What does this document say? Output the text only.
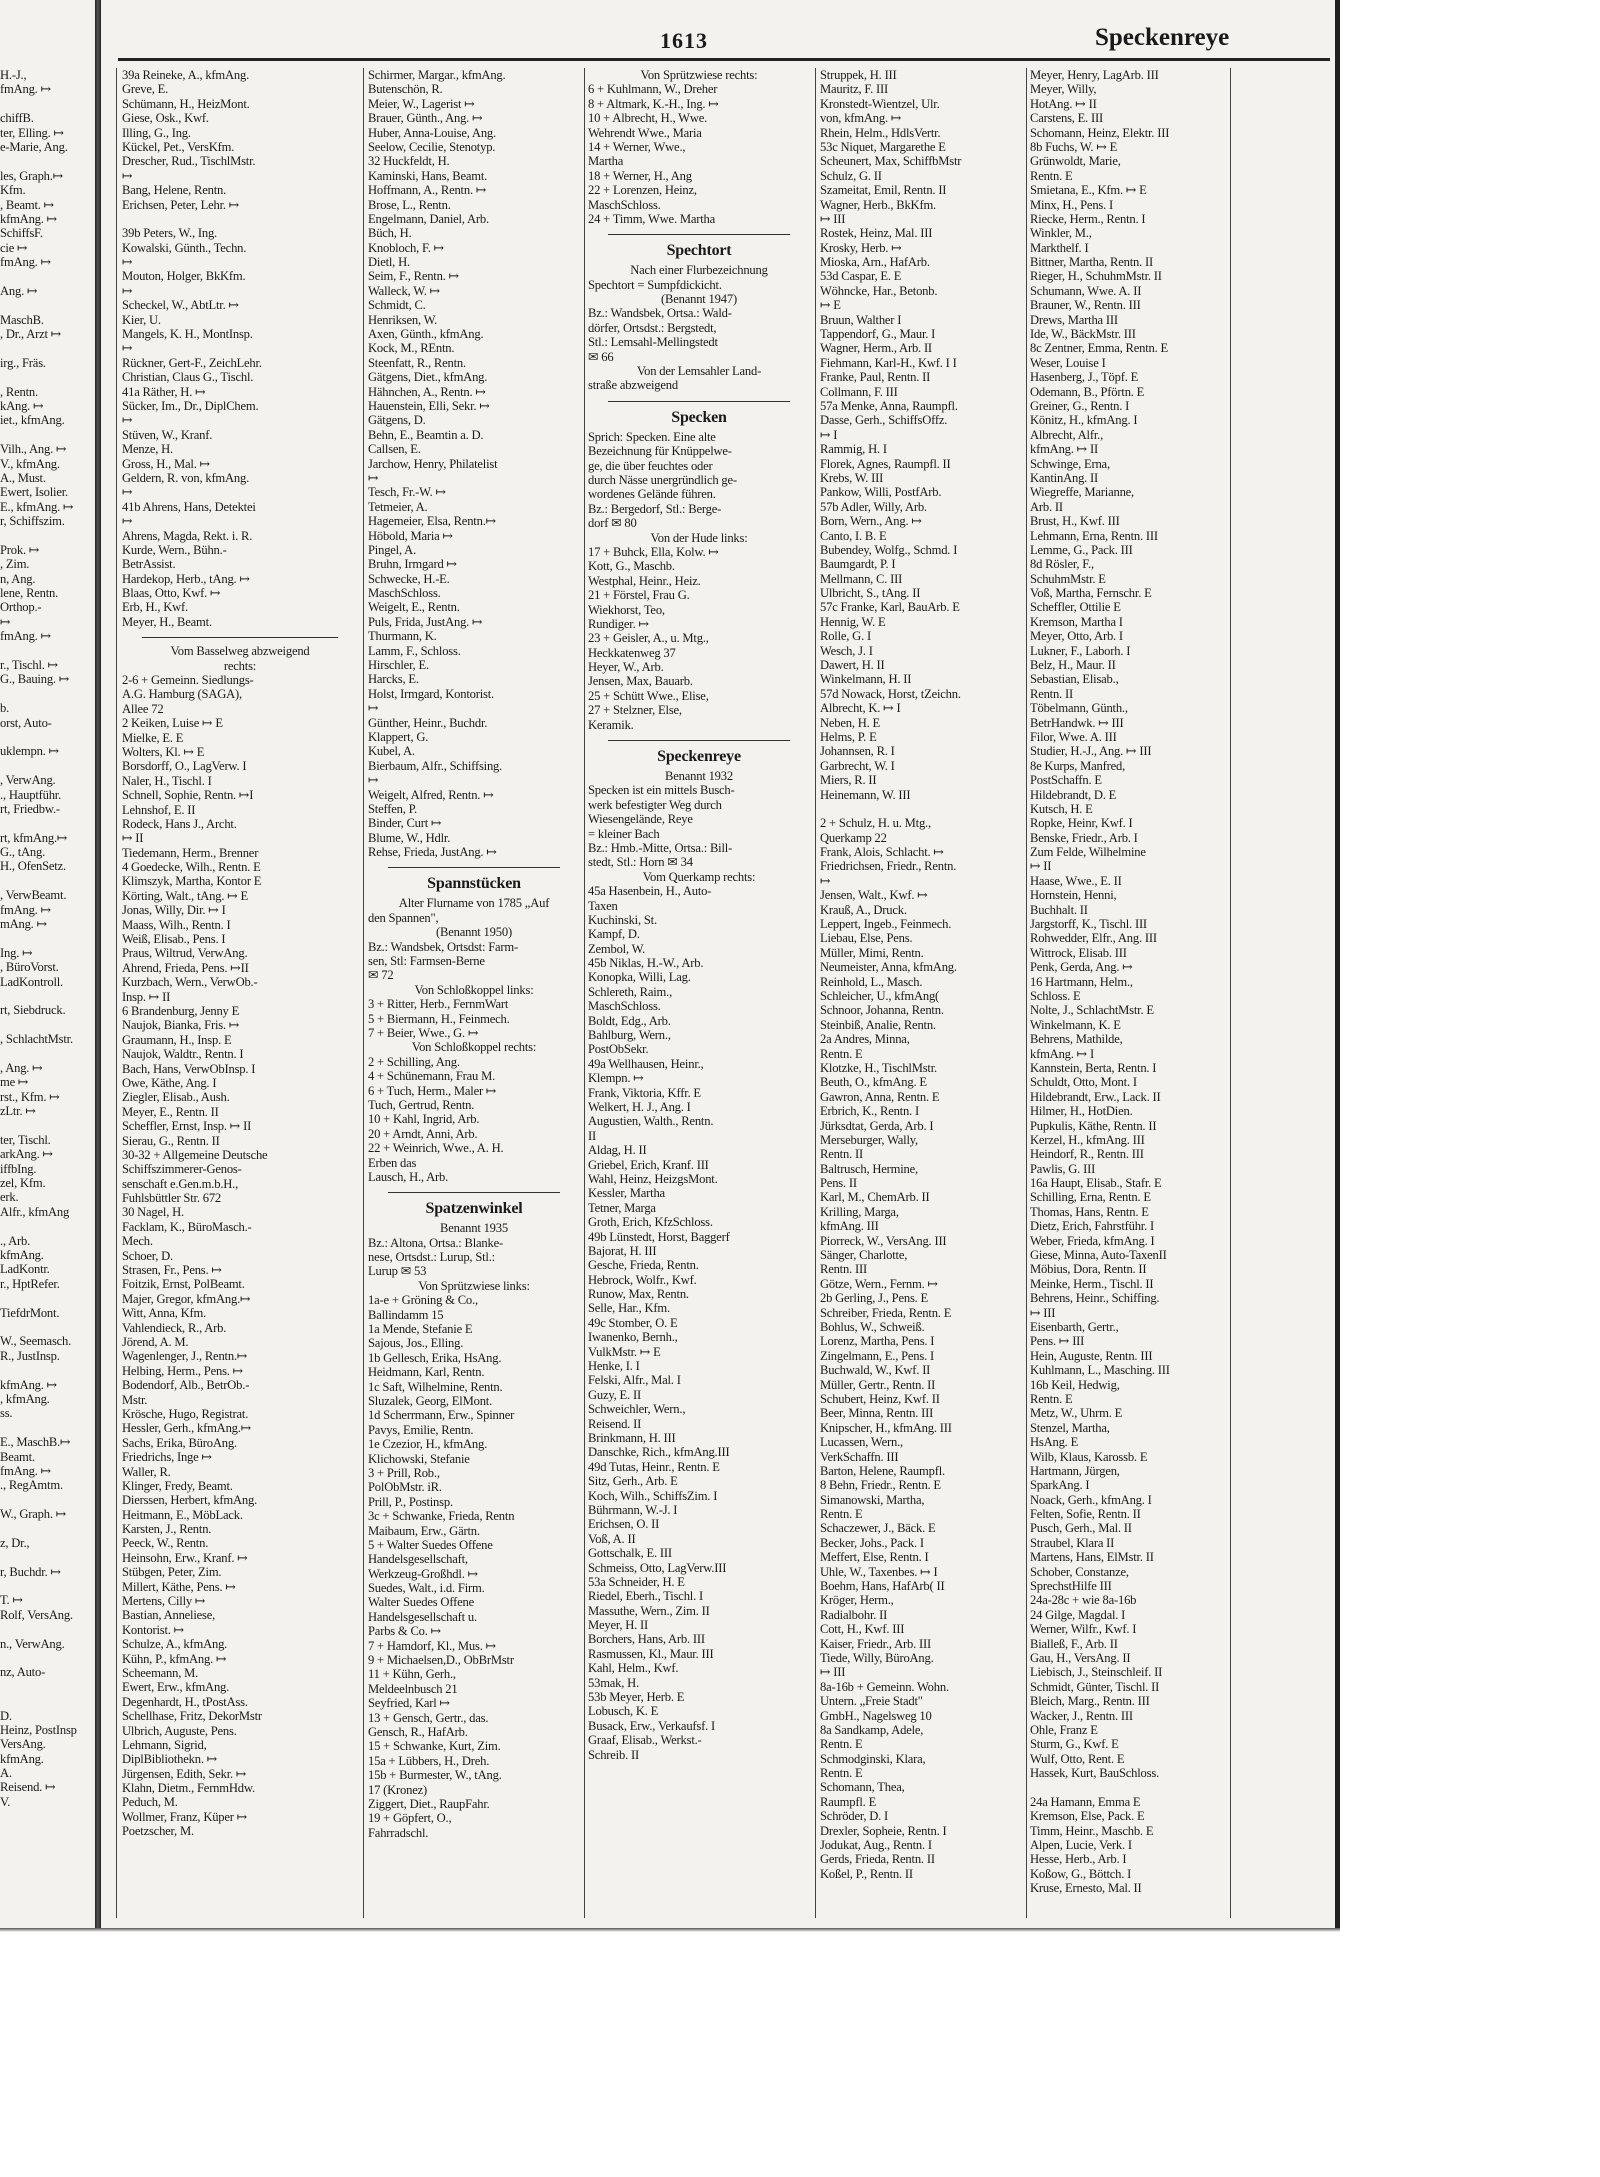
1613	Speckenreye
H.-J.,
fmAng. ↦
chiffB.
ter, Elling. ↦
e-Marie, Ang.
les, Graph.↦
Kfm.
, Beamt. ↦
kfmAng. ↦
SchiffsF.
cie ↦
fmAng. ↦
Ang. ↦
MaschB.
, Dr., Arzt ↦
irg., Fräs.
, Rentn.
kAng. ↦
iet., kfmAng.
Vilh., Ang. ↦
V., kfmAng.
A., Must.
Ewert, Isolier.
E., kfmAng. ↦
r, Schiffszim.
Prok. ↦
, Zim.
n, Ang.
lene, Rentn.
Orthop.-
↦
fmAng. ↦
r., Tischl. ↦
G., Bauing. ↦
b.
orst, Auto-
uklempn. ↦
, VerwAng.
., Hauptführ.
rt, Friedbw.-
rt, kfmAng.↦
G., tAng.
H., OfenSetz.
, VerwBeamt.
fmAng. ↦
mAng. ↦
Ing. ↦
, BüroVorst.
LadKontroll.
rt, Siebdruck.
, SchlachtMstr.
, Ang. ↦
me ↦
rst., Kfm. ↦
zLtr. ↦
ter, Tischl.
arkAng. ↦
iffbIng.
zel, Kfm.
erk.
Alfr., kfmAng
., Arb.
kfmAng.
LadKontr.
r., HptRefer.
TiefdrMont.
W., Seemasch.
R., JustInsp.
kfmAng. ↦
, kfmAng.
ss.
E., MaschB.↦
Beamt.
fmAng. ↦
., RegAmtm.
W., Graph. ↦
z, Dr.,
r, Buchdr. ↦
T. ↦
Rolf, VersAng.
n., VerwAng.
nz, Auto-
D.
Heinz, PostInsp
VersAng.
kfmAng.
A.
Reisend. ↦
V.
39a Reineke, A., kfmAng.
Greve, E.
Schümann, H., HeizMont.
Giese, Osk., Kwf.
Illing, G., Ing.
Kückel, Pet., VersKfm.
Drescher, Rud., TischlMstr.
↦
Bang, Helene, Rentn.
Erichsen, Peter, Lehr. ↦
39b Peters, W., Ing.
Kowalski, Günth., Techn.
↦
Mouton, Holger, BkKfm.
↦
Scheckel, W., AbtLtr. ↦
Kier, U.
Mangels, K. H., MontInsp.
↦
Rückner, Gert-F., ZeichLehr.
Christian, Claus G., Tischl.
41a Räther, H. ↦
Sücker, Im., Dr., DiplChem.
↦
Stüven, W., Kranf.
Menze, H.
Gross, H., Mal. ↦
Geldern, R. von, kfmAng.
↦
41b Ahrens, Hans, Detektei
↦
Ahrens, Magda, Rekt. i. R.
Kurde, Wern., Bühn.-
BetrAssist.
Hardekop, Herb., tAng. ↦
Blaas, Otto, Kwf. ↦
Erb, H., Kwf.
Meyer, H., Beamt.
Vom Basselweg abzweigend
rechts:
2-6 + Gemeinn. Siedlungs-
A.G. Hamburg (SAGA),
Allee 72
2 Keiken, Luise ↦ E
Mielke, E. E
Wolters, Kl. ↦ E
Borsdorff, O., LagVerw. I
Naler, H., Tischl. I
Schnell, Sophie, Rentn. ↦I
Lehnshof, E. II
Rodeck, Hans J., Archt.
↦ II
Tiedemann, Herm., Brenner
4 Goedecke, Wilh., Rentn. E
Klimszyk, Martha, Kontor E
Körting, Walt., tAng. ↦ E
Jonas, Willy, Dir. ↦ I
Maass, Wilh., Rentn. I
Weiß, Elisab., Pens. I
Praus, Wiltrud, VerwAng.
Ahrend, Frieda, Pens. ↦II
Kurzbach, Wern., VerwOb.-
Insp. ↦ II
6 Brandenburg, Jenny E
Naujok, Bianka, Fris. ↦
Graumann, H., Insp. E
Naujok, Waldtr., Rentn. I
Bach, Hans, VerwObInsp. I
Owe, Käthe, Ang. I
Ziegler, Elisab., Aush.
Meyer, E., Rentn. II
Scheffler, Ernst, Insp. ↦ II
Sierau, G., Rentn. II
30-32 + Allgemeine Deutsche
Schiffszimmerer-Genos-
senschaft e.Gen.m.b.H.,
Fuhlsbüttler Str. 672
30 Nagel, H.
Facklam, K., BüroMasch.-
Mech.
Schoer, D.
Strasen, Fr., Pens. ↦
Foitzik, Ernst, PolBeamt.
Majer, Gregor, kfmAng.↦
Witt, Anna, Kfm.
Vahlendieck, R., Arb.
Jörend, A. M.
Wagenlenger, J., Rentn.↦
Helbing, Herm., Pens. ↦
Bodendorf, Alb., BetrOb.-
Mstr.
Krösche, Hugo, Registrat.
Hessler, Gerh., kfmAng.↦
Sachs, Erika, BüroAng.
Friedrichs, Inge ↦
Waller, R.
Klinger, Fredy, Beamt.
Dierssen, Herbert, kfmAng.
Heitmann, E., MöbLack.
Karsten, J., Rentn.
Peeck, W., Rentn.
Heinsohn, Erw., Kranf. ↦
Stübgen, Peter, Zim.
Millert, Käthe, Pens. ↦
Mertens, Cilly ↦
Bastian, Anneliese,
Kontorist. ↦
Schulze, A., kfmAng.
Kühn, P., kfmAng. ↦
Scheemann, M.
Ewert, Erw., kfmAng.
Degenhardt, H., tPostAss.
Schellhase, Fritz, DekorMstr
Ulbrich, Auguste, Pens.
Lehmann, Sigrid,
DiplBibliothekn. ↦
Jürgensen, Edith, Sekr. ↦
Klahn, Dietm., FernmHdw.
Peduch, M.
Wollmer, Franz, Küper ↦
Poetzscher, M.
Schirmer, Margar., kfmAng.
Butenschön, R.
Meier, W., Lagerist ↦
Brauer, Günth., Ang. ↦
Huber, Anna-Louise, Ang.
Seelow, Cecilie, Stenotyp.
32 Huckfeldt, H.
Kaminski, Hans, Beamt.
Hoffmann, A., Rentn. ↦
Brose, L., Rentn.
Engelmann, Daniel, Arb.
Büch, H.
Knobloch, F. ↦
Dietl, H.
Seim, F., Rentn. ↦
Walleck, W. ↦
Schmidt, C.
Henriksen, W.
Axen, Günth., kfmAng.
Kock, M., REntn.
Steenfatt, R., Rentn.
Gätgens, Diet., kfmAng.
Hähnchen, A., Rentn. ↦
Hauenstein, Elli, Sekr. ↦
Gätgens, D.
Behn, E., Beamtin a. D.
Callsen, E.
Jarchow, Henry, Philatelist
↦
Tesch, Fr.-W. ↦
Tetmeier, A.
Hagemeier, Elsa, Rentn.↦
Höbold, Maria ↦
Pingel, A.
Bruhn, Irmgard ↦
Schwecke, H.-E.
MaschSchloss.
Weigelt, E., Rentn.
Puls, Frida, JustAng. ↦
Thurmann, K.
Lamm, F., Schloss.
Hirschler, E.
Harcks, E.
Holst, Irmgard, Kontorist.
↦
Günther, Heinr., Buchdr.
Klappert, G.
Kubel, A.
Bierbaum, Alfr., Schiffsing.
↦
Weigelt, Alfred, Rentn. ↦
Steffen, P.
Binder, Curt ↦
Blume, W., Hdlr.
Rehse, Frieda, JustAng. ↦
Spannstücken
Alter Flurname von 1785 „Auf
den Spannen",
(Benannt 1950)
Bz.: Wandsbek, Ortsdst: Farm-
sen, Stl: Farmsen-Berne
✉ 72
Von Schloßkoppel links:
3 + Ritter, Herb., FernmWart
5 + Biermann, H., Feinmech.
7 + Beier, Wwe., G. ↦
Von Schloßkoppel rechts:
2 + Schilling, Ang.
4 + Schünemann, Frau M.
6 + Tuch, Herm., Maler ↦
Tuch, Gertrud, Rentn.
10 + Kahl, Ingrid, Arb.
20 + Arndt, Anni, Arb.
22 + Weinrich, Wwe., A. H.
Erben das
Lausch, H., Arb.
Spatzenwinkel
Benannt 1935
Bz.: Altona, Ortsa.: Blanke-
nese, Ortsdst.: Lurup, Stl.:
Lurup ✉ 53
Von Sprützwiese links:
1a-e + Gröning & Co.,
Ballindamm 15
1a Mende, Stefanie E
Sajous, Jos., Elling.
1b Gellesch, Erika, HsAng.
Heidmann, Karl, Rentn.
1c Saft, Wilhelmine, Rentn.
Sluzalek, Georg, ElMont.
1d Scherrmann, Erw., Spinner
Pavys, Emilie, Rentn.
1e Czezior, H., kfmAng.
Klichowski, Stefanie
3 + Prill, Rob.,
PolObMstr. iR.
Prill, P., Postinsp.
3c + Schwanke, Frieda, Rentn
Maibaum, Erw., Gärtn.
5 + Walter Suedes Offene
Handelsgesellschaft,
Werkzeug-Großhdl. ↦
Suedes, Walt., i.d. Firm.
Walter Suedes Offene
Handelsgesellschaft u.
Parbs & Co. ↦
7 + Hamdorf, Kl., Mus. ↦
9 + Michaelsen,D., ObBrMstr
11 + Kühn, Gerh.,
Meldeelnbusch 21
Seyfried, Karl ↦
13 + Gensch, Gertr., das.
Gensch, R., HafArb.
15 + Schwanke, Kurt, Zim.
15a + Lübbers, H., Dreh.
15b + Burmester, W., tAng.
17 (Kronez)
Ziggert, Diet., RaupFahr.
19 + Göpfert, O.,
Fahrradschl.
Von Sprützwiese rechts:
6 + Kuhlmann, W., Dreher
8 + Altmark, K.-H., Ing. ↦
10 + Albrecht, H., Wwe.
Wehrendt Wwe., Maria
14 + Werner, Wwe.,
Martha
18 + Werner, H., Ang
22 + Lorenzen, Heinz,
MaschSchloss.
24 + Timm, Wwe. Martha
Spechtort
Nach einer Flurbezeichnung
Spechtort = Sumpfdickicht.
(Benannt 1947)
Bz.: Wandsbek, Ortsa.: Wald-
dörfer, Ortsdst.: Bergstedt,
Stl.: Lemsahl-Mellingstedt
✉ 66
Von der Lemsahler Land-
straße abzweigend
Specken
Sprich: Specken. Eine alte
Bezeichnung für Knüppelwe-
ge, die über feuchtes oder
durch Nässe unergründlich ge-
wordenes Gelände führen.
Bz.: Bergedorf, Stl.: Berge-
dorf ✉ 80
Von der Hude links:
17 + Buhck, Ella, Kolw. ↦
Kott, G., Maschb.
Westphal, Heinr., Heiz.
21 + Förstel, Frau G.
Wiekhorst, Teo,
Rundiger. ↦
23 + Geisler, A., u. Mtg.,
Heckkatenweg 37
Heyer, W., Arb.
Jensen, Max, Bauarb.
25 + Schütt Wwe., Elise,
27 + Stelzner, Else,
Keramik.
Speckenreye
Benannt 1932
Specken ist ein mittels Busch-
werk befestigter Weg durch
Wiesengelände, Reye
= kleiner Bach
Bz.: Hmb.-Mitte, Ortsa.: Bill-
stedt, Stl.: Horn ✉ 34
Vom Querkamp rechts:
45a Hasenbein, H., Auto-
Taxen
Kuchinski, St.
Kampf, D.
Zembol, W.
45b Niklas, H.-W., Arb.
Konopka, Willi, Lag.
Schlereth, Raim.,
MaschSchloss.
Boldt, Edg., Arb.
Bahlburg, Wern.,
PostObSekr.
49a Wellhausen, Heinr.,
Klempn. ↦
Frank, Viktoria, Kffr. E
Welkert, H. J., Ang. I
Augustien, Walth., Rentn.
II
Aldag, H. II
Griebel, Erich, Kranf. III
Wahl, Heinz, HeizgsMont.
Kessler, Martha
Tetner, Marga
Groth, Erich, KfzSchloss.
49b Lünstedt, Horst, Baggerf
Bajorat, H. III
Gesche, Frieda, Rentn.
Hebrock, Wolfr., Kwf.
Runow, Max, Rentn.
Selle, Har., Kfm.
49c Stomber, O. E
Iwanenko, Bernh.,
VulkMstr. ↦ E
Henke, I. I
Felski, Alfr., Mal. I
Guzy, E. II
Schweichler, Wern.,
Reisend. II
Brinkmann, H. III
Danschke, Rich., kfmAng.III
49d Tutas, Heinr., Rentn. E
Sitz, Gerh., Arb. E
Koch, Wilh., SchiffsZim. I
Bührmann, W.-J. I
Erichsen, O. II
Voß, A. II
Gottschalk, E. III
Schmeiss, Otto, LagVerw.III
53a Schneider, H. E
Riedel, Eberh., Tischl. I
Massuthe, Wern., Zim. II
Meyer, H. II
Borchers, Hans, Arb. III
Rasmussen, Kl., Maur. III
Kahl, Helm., Kwf.
53mak, H.
53b Meyer, Herb. E
Lobusch, K. E
Busack, Erw., Verkaufsf. I
Graaf, Elisab., Werkst.-
Schreib. II
Struppek, H. III
Mauritz, F. III
Kronstedt-Wientzel, Ulr.
von, kfmAng. ↦
Rhein, Helm., HdlsVertr.
53c Niquet, Margarethe E
Scheunert, Max, SchiffbMstr
Schulz, G. II
Szameitat, Emil, Rentn. II
Wagner, Herb., BkKfm.
↦ III
Rostek, Heinz, Mal. III
Krosky, Herb. ↦
Mioska, Arn., HafArb.
53d Caspar, E. E
Wöhncke, Har., Betonb.
↦ E
Bruun, Walther I
Tappendorf, G., Maur. I
Wagner, Herm., Arb. II
Fiehmann, Karl-H., Kwf. I I
Franke, Paul, Rentn. II
Collmann, F. III
57a Menke, Anna, Raumpfl.
Dasse, Gerh., SchiffsOffz.
↦ I
Rammig, H. I
Florek, Agnes, Raumpfl. II
Krebs, W. III
Pankow, Willi, PostfArb.
57b Adler, Willy, Arb.
Born, Wern., Ang. ↦
Canto, I. B. E
Bubendey, Wolfg., Schmd. I
Baumgardt, P. I
Mellmann, C. III
Ulbricht, S., tAng. II
57c Franke, Karl, BauArb. E
Hennig, W. E
Rolle, G. I
Wesch, J. I
Dawert, H. II
Winkelmann, H. II
57d Nowack, Horst, tZeichn.
Albrecht, K. ↦ I
Neben, H. E
Helms, P. E
Johannsen, R. I
Garbrecht, W. I
Miers, R. II
Heinemann, W. III
2 + Schulz, H. u. Mtg.,
Querkamp 22
Frank, Alois, Schlacht. ↦
Friedrichsen, Friedr., Rentn.
↦
Jensen, Walt., Kwf. ↦
Krauß, A., Druck.
Leppert, Ingeb., Feinmech.
Liebau, Else, Pens.
Müller, Mimi, Rentn.
Neumeister, Anna, kfmAng.
Reinhold, L., Masch.
Schleicher, U., kfmAng(
Schnoor, Johanna, Rentn.
Steinbiß, Analie, Rentn.
2a Andres, Minna,
Rentn. E
Klotzke, H., TischlMstr.
Beuth, O., kfmAng. E
Gawron, Anna, Rentn. E
Erbrich, K., Rentn. I
Jürksdtat, Gerda, Arb. I
Merseburger, Wally,
Rentn. II
Baltrusch, Hermine,
Pens. II
Karl, M., ChemArb. II
Krilling, Marga,
kfmAng. III
Piorreck, W., VersAng. III
Sänger, Charlotte,
Rentn. III
Götze, Wern., Fernm. ↦
2b Gerling, J., Pens. E
Schreiber, Frieda, Rentn. E
Bohlus, W., Schweiß.
Lorenz, Martha, Pens. I
Zingelmann, E., Pens. I
Buchwald, W., Kwf. II
Müller, Gertr., Rentn. II
Schubert, Heinz, Kwf. II
Beer, Minna, Rentn. III
Knipscher, H., kfmAng. III
Lucassen, Wern.,
VerkSchaffn. III
Barton, Helene, Raumpfl.
8 Behn, Friedr., Rentn. E
Simanowski, Martha,
Rentn. E
Schaczewer, J., Bäck. E
Becker, Johs., Pack. I
Meffert, Else, Rentn. I
Uhle, W., Taxenbes. ↦ I
Boehm, Hans, HafArb( II
Kröger, Herm.,
Radialbohr. II
Cott, H., Kwf. III
Kaiser, Friedr., Arb. III
Tiede, Willy, BüroAng.
↦ III
8a-16b + Gemeinn. Wohn.
Untern. „Freie Stadt"
GmbH., Nagelsweg 10
8a Sandkamp, Adele,
Rentn. E
Schmodginski, Klara,
Rentn. E
Schomann, Thea,
Raumpfl. E
Schröder, D. I
Drexler, Sopheie, Rentn. I
Jodukat, Aug., Rentn. I
Gerds, Frieda, Rentn. II
Koßel, P., Rentn. II
Meyer, Henry, LagArb. III
Meyer, Willy,
HotAng. ↦ II
Carstens, E. III
Schomann, Heinz, Elektr. III
8b Fuchs, W. ↦ E
Grünwoldt, Marie,
Rentn. E
Smietana, E., Kfm. ↦ E
Minx, H., Pens. I
Riecke, Herm., Rentn. I
Winkler, M.,
Markthelf. I
Bittner, Martha, Rentn. II
Rieger, H., SchuhmMstr. II
Schumann, Wwe. A. II
Brauner, W., Rentn. III
Drews, Martha III
Ide, W., BäckMstr. III
8c Zentner, Emma, Rentn. E
Weser, Louise I
Hasenberg, J., Töpf. E
Odemann, B., Pförtn. E
Greiner, G., Rentn. I
Könitz, H., kfmAng. I
Albrecht, Alfr.,
kfmAng. ↦ II
Schwinge, Erna,
KantinAng. II
Wiegreffe, Marianne,
Arb. II
Brust, H., Kwf. III
Lehmann, Erna, Rentn. III
Lemme, G., Pack. III
8d Rösler, F.,
SchuhmMstr. E
Voß, Martha, Fernschr. E
Scheffler, Ottilie E
Kremson, Martha I
Meyer, Otto, Arb. I
Lukner, F., Laborh. I
Belz, H., Maur. II
Sebastian, Elisab.,
Rentn. II
Töbelmann, Günth.,
BetrHandwk. ↦ III
Filor, Wwe. A. III
Studier, H.-J., Ang. ↦ III
8e Kurps, Manfred,
PostSchaffn. E
Hildebrandt, D. E
Kutsch, H. E
Ropke, Heinr, Kwf. I
Benske, Friedr., Arb. I
Zum Felde, Wilhelmine
↦ II
Haase, Wwe., E. II
Hornstein, Henni,
Buchhalt. II
Jargstorff, K., Tischl. III
Rohwedder, Elfr., Ang. III
Wittrock, Elisab. III
Penk, Gerda, Ang. ↦
16 Hartmann, Helm.,
Schloss. E
Nolte, J., SchlachtMstr. E
Winkelmann, K. E
Behrens, Mathilde,
kfmAng. ↦ I
Kannstein, Berta, Rentn. I
Schuldt, Otto, Mont. I
Hildebrandt, Erw., Lack. II
Hilmer, H., HotDien.
Pupkulis, Käthe, Rentn. II
Kerzel, H., kfmAng. III
Heindorf, R., Rentn. III
Pawlis, G. III
16a Haupt, Elisab., Stafr. E
Schilling, Erna, Rentn. E
Thomas, Hans, Rentn. E
Dietz, Erich, Fahrstführ. I
Weber, Frieda, kfmAng. I
Giese, Minna, Auto-TaxenII
Möbius, Dora, Rentn. II
Meinke, Herm., Tischl. II
Behrens, Heinr., Schiffing.
↦ III
Eisenbarth, Gertr.,
Pens. ↦ III
Hein, Auguste, Rentn. III
Kuhlmann, L., Masching. III
16b Keil, Hedwig,
Rentn. E
Metz, W., Uhrm. E
Stenzel, Martha,
HsAng. E
Wilb, Klaus, Karossb. E
Hartmann, Jürgen,
SparkAng. I
Noack, Gerh., kfmAng. I
Felten, Sofie, Rentn. II
Pusch, Gerh., Mal. II
Straubel, Klara II
Martens, Hans, ElMstr. II
Schober, Constanze,
SprechstHilfe III
24a-28c + wie 8a-16b
24 Gilge, Magdal. I
Werner, Wilfr., Kwf. I
Bialleß, F., Arb. II
Gau, H., VersAng. II
Liebisch, J., Steinschleif. II
Schmidt, Günter, Tischl. II
Bleich, Marg., Rentn. III
Wacker, J., Rentn. III
Ohle, Franz E
Sturm, G., Kwf. E
Wulf, Otto, Rent. E
Hassek, Kurt, BauSchloss.
24a Hamann, Emma E
Kremson, Else, Pack. E
Timm, Heinr., Maschb. E
Alpen, Lucie, Verk. I
Hesse, Herb., Arb. I
Koßow, G., Böttch. I
Kruse, Ernesto, Mal. II
